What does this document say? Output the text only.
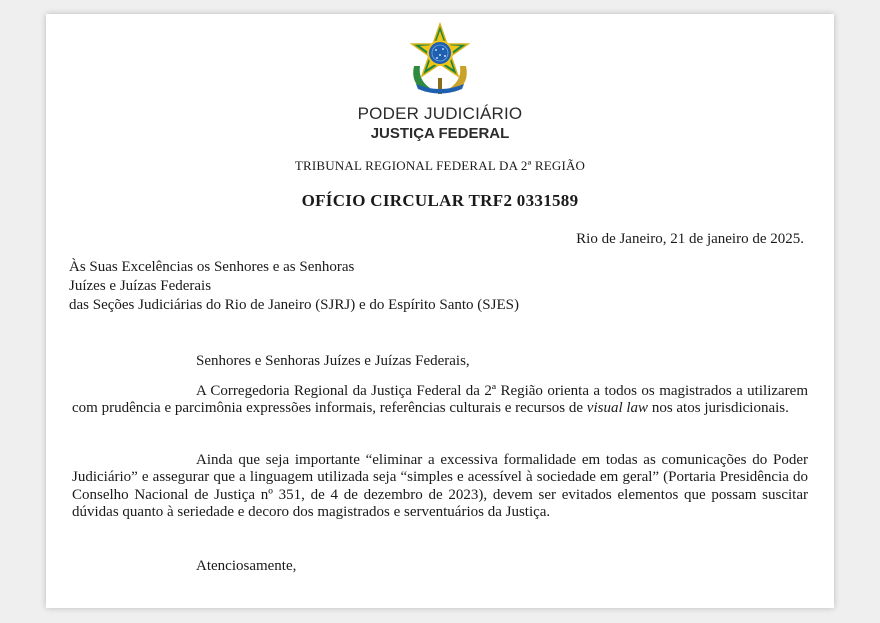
PODER JUDICIÁRIO

JUSTIÇA FEDERAL

TRIBUNAL REGIONAL FEDERAL DA 2ª REGIÃO

OFÍCIO CIRCULAR TRF2 0331589

Rio de Janeiro, 21 de janeiro de 2025.

Às Suas Excelências os Senhores e as Senhoras

Juízes e Juízas Federais

das Seções Judiciárias do Rio de Janeiro (SJRJ) e do Espírito Santo (SJES)

Senhores e Senhoras Juízes e Juízas Federais,

A Corregedoria Regional da Justiça Federal da 2ª Região orienta a todos os magistrados a utilizarem com prudência e parcimônia expressões informais, referências culturais e recursos de visual law nos atos jurisdicionais.

Ainda que seja importante “eliminar a excessiva formalidade em todas as comunicações do Poder Judiciário” e assegurar que a linguagem utilizada seja “simples e acessível à sociedade em geral” (Portaria Presidência do Conselho Nacional de Justiça nº 351, de 4 de dezembro de 2023), devem ser evitados elementos que possam suscitar dúvidas quanto à seriedade e decoro dos magistrados e serventuários da Justiça.

Atenciosamente,
